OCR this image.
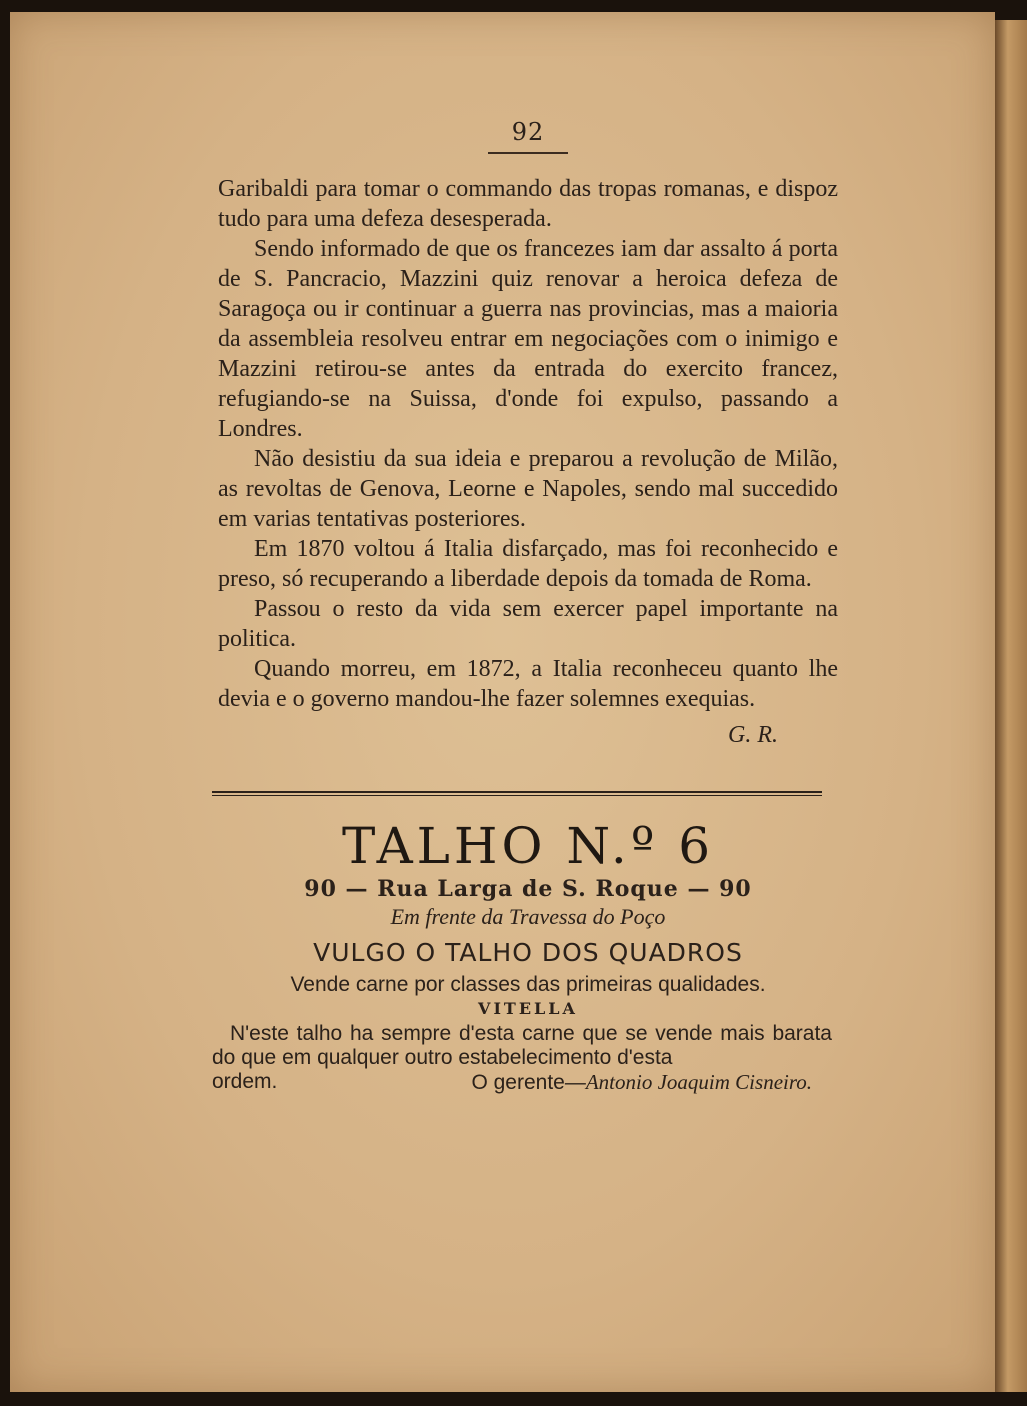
92

Garibaldi para tomar o commando das tropas romanas, e dispoz tudo para uma defeza desesperada.

Sendo informado de que os francezes iam dar assalto á porta de S. Pancracio, Mazzini quiz renovar a heroica defeza de Saragoça ou ir continuar a guerra nas provincias, mas a maioria da assembleia resolveu entrar em negociações com o inimigo e Mazzini retirou-se antes da entrada do exercito francez, refugiando-se na Suissa, d'onde foi expulso, passando a Londres.

Não desistiu da sua ideia e preparou a revolução de Milão, as revoltas de Genova, Leorne e Napoles, sendo mal succedido em varias tentativas posteriores.

Em 1870 voltou á Italia disfarçado, mas foi reconhecido e preso, só recuperando a liberdade depois da tomada de Roma.

Passou o resto da vida sem exercer papel importante na politica.

Quando morreu, em 1872, a Italia reconheceu quanto lhe devia e o governo mandou-lhe fazer solemnes exequias.

G. R.
TALHO N.º 6
90 — Rua Larga de S. Roque — 90
Em frente da Travessa do Poço
VULGO O TALHO DOS QUADROS
Vende carne por classes das primeiras qualidades.
VITELLA

N'este talho ha sempre d'esta carne que se vende mais barata do que em qualquer outro estabelecimento d'esta

ordem.	O gerente—Antonio Joaquim Cisneiro.
